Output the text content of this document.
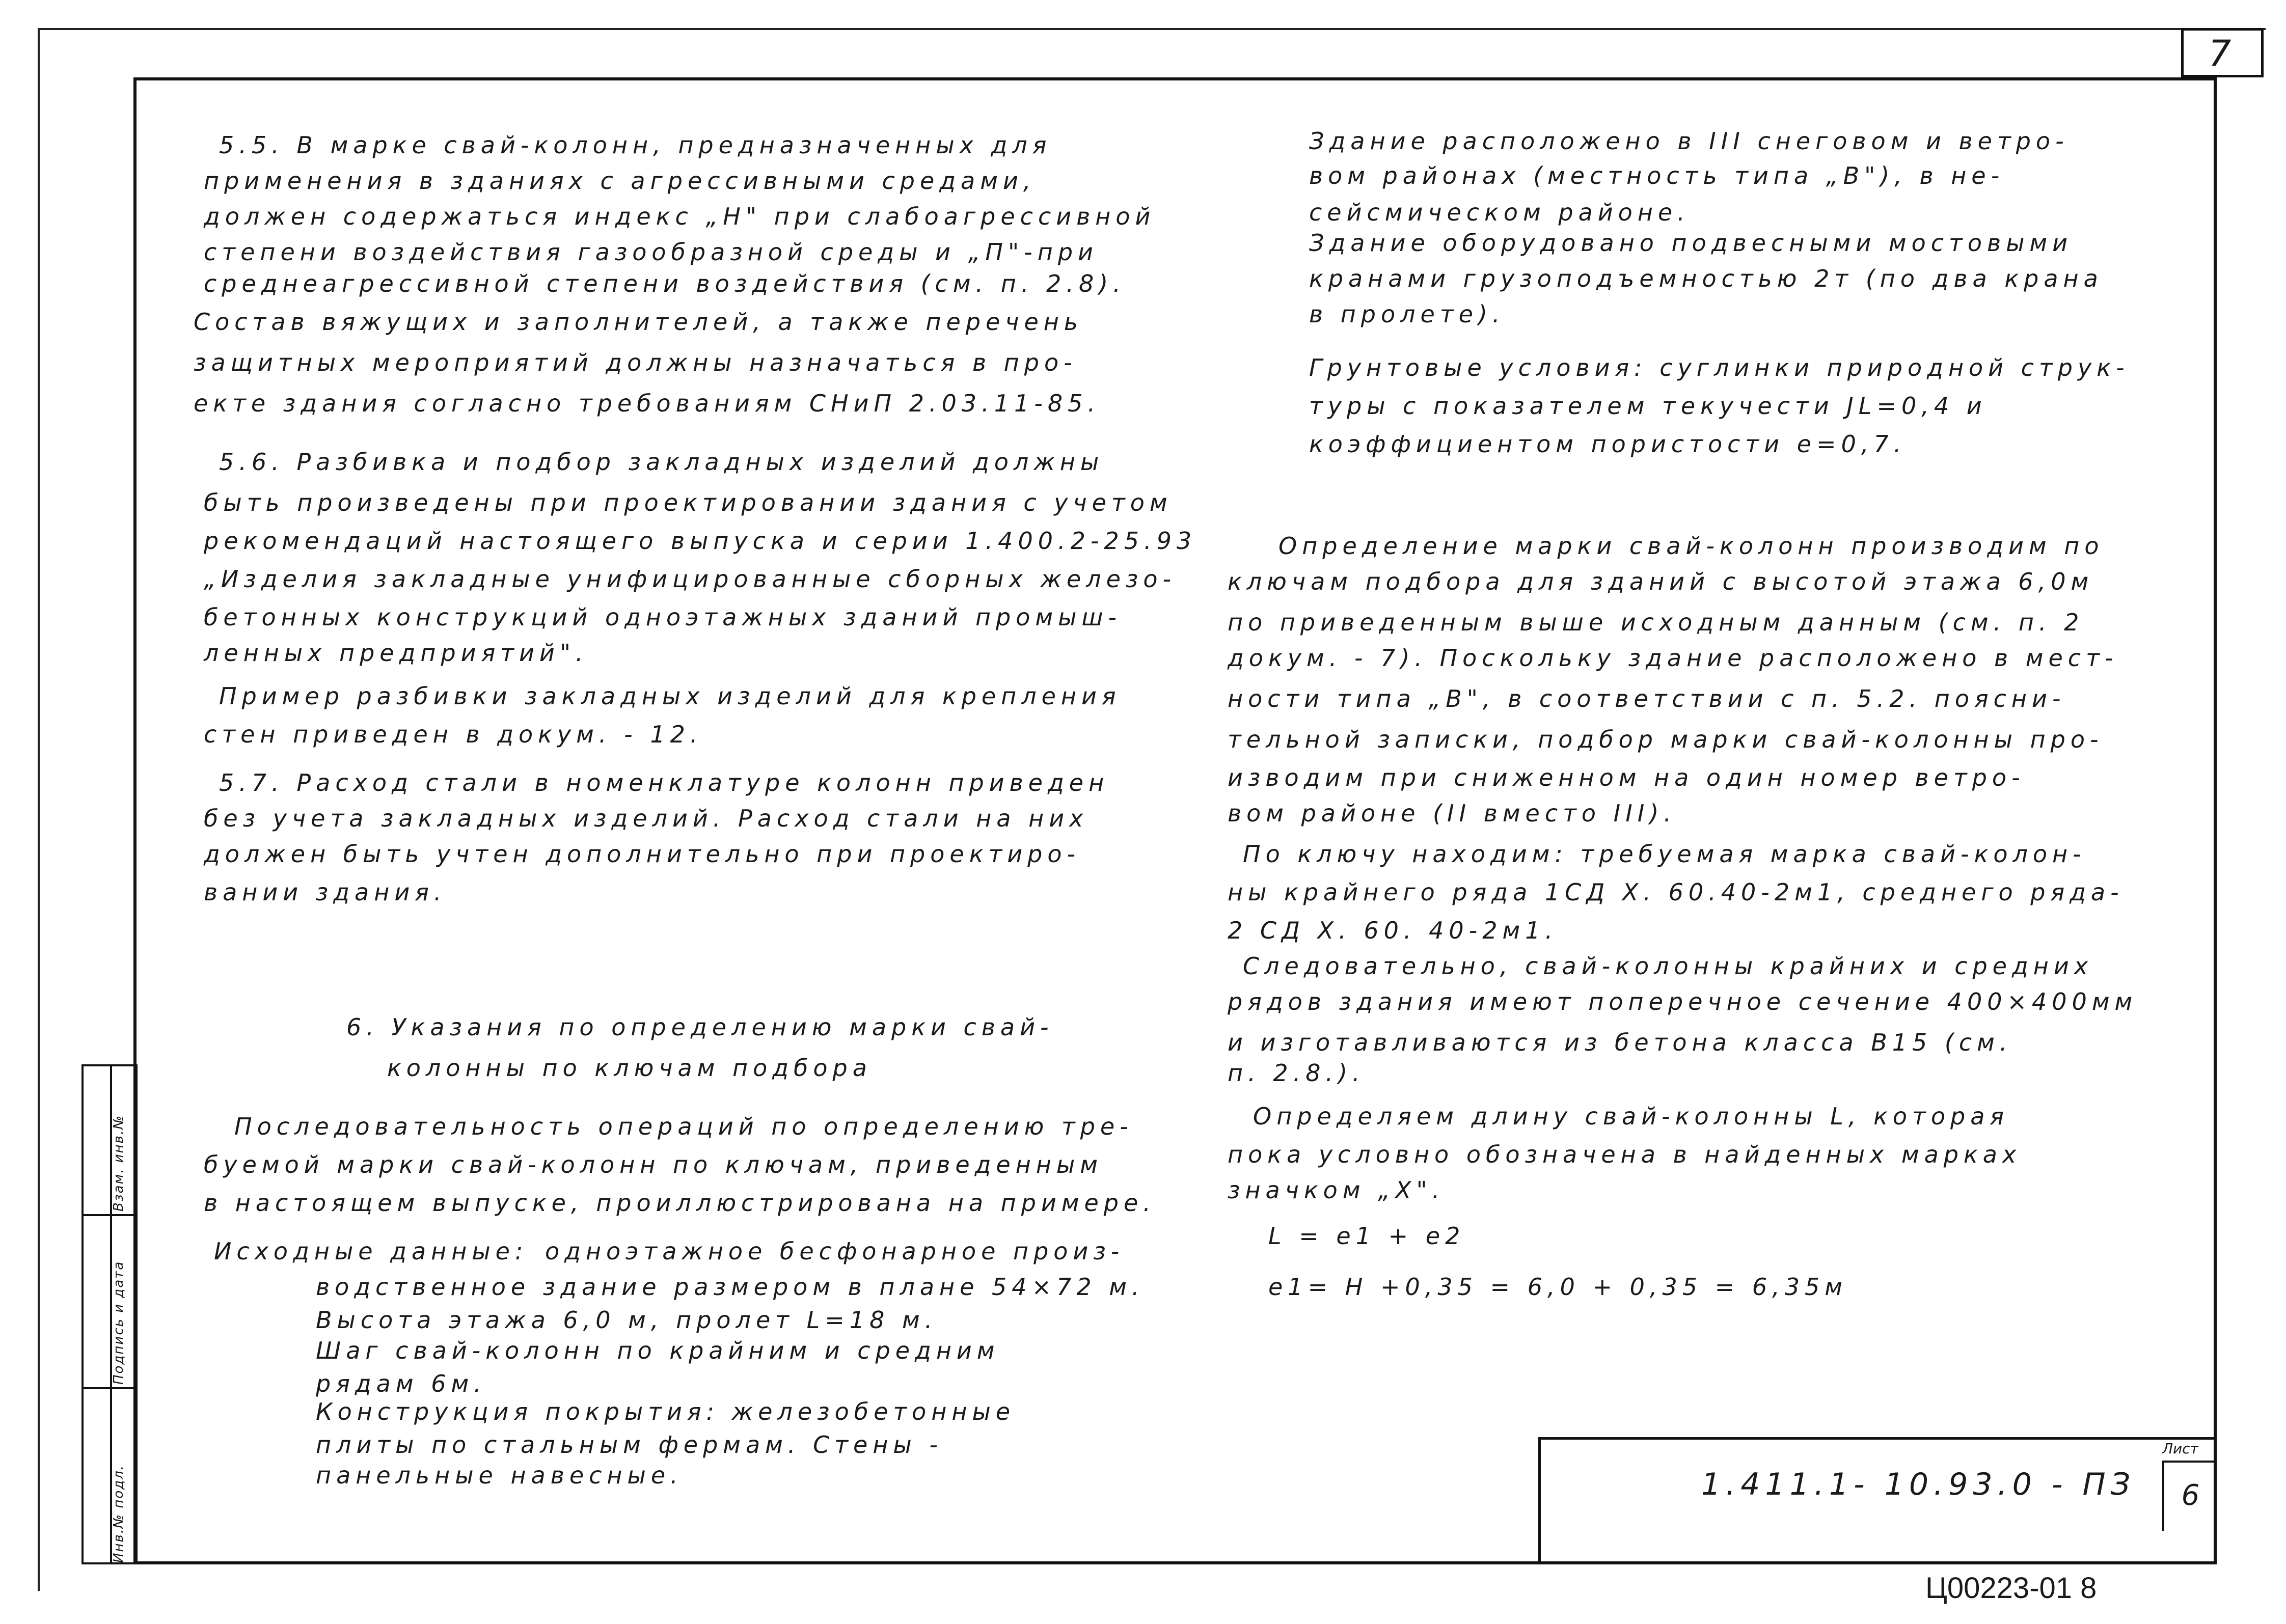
7
5.5. В марке свай-колонн, предназначенных для
применения в зданиях с агрессивными средами,
должен содержаться индекс „Н" при слабоагрессивной
степени воздействия газообразной среды и „П"-при
среднеагрессивной степени воздействия (см. п. 2.8).
Состав вяжущих и заполнителей, а также перечень
защитных мероприятий должны назначаться в про-
екте здания согласно требованиям СНиП 2.03.11-85.
5.6. Разбивка и подбор закладных изделий должны
быть произведены при проектировании здания с учетом
рекомендаций настоящего выпуска и серии 1.400.2-25.93
„Изделия закладные унифицированные сборных железо-
бетонных конструкций одноэтажных зданий промыш-
ленных предприятий".
Пример разбивки закладных изделий для крепления
стен приведен в докум. - 12.
5.7. Расход стали в номенклатуре колонн приведен
без учета закладных изделий. Расход стали на них
должен быть учтен дополнительно при проектиро-
вании здания.
6. Указания по определению марки свай-
колонны по ключам подбора
Последовательность операций по определению тре-
буемой марки свай-колонн по ключам, приведенным
в настоящем выпуске, проиллюстрирована на примере.
Исходные данные: одноэтажное бесфонарное произ-
водственное здание размером в плане 54×72 м.
Высота этажа 6,0 м, пролет L=18 м.
Шаг свай-колонн по крайним и средним
рядам 6м.
Конструкция покрытия: железобетонные
плиты по стальным фермам. Стены -
панельные навесные.
Здание расположено в III снеговом и ветро-
вом районах (местность типа „В"), в не-
сейсмическом районе.
Здание оборудовано подвесными мостовыми
кранами грузоподъемностью 2т (по два крана
в пролете).
Грунтовые условия: суглинки природной струк-
туры с показателем текучести JL=0,4 и
коэффициентом пористости e=0,7.
Определение марки свай-колонн производим по
ключам подбора для зданий с высотой этажа 6,0м
по приведенным выше исходным данным (см. п. 2
докум. - 7). Поскольку здание расположено в мест-
ности типа „В", в соответствии с п. 5.2. поясни-
тельной записки, подбор марки свай-колонны про-
изводим при сниженном на один номер ветро-
вом районе (II вместо III).
По ключу находим: требуемая марка свай-колон-
ны крайнего ряда 1СД Х. 60.40-2м1, среднего ряда-
2 СД Х. 60. 40-2м1.
Следовательно, свай-колонны крайних и средних
рядов здания имеют поперечное сечение 400×400мм
и изготавливаются из бетона класса В15 (см.
п. 2.8.).
Определяем длину свай-колонны L, которая
пока условно обозначена в найденных марках
значком „Х".
L = e1 + e2
e1= H +0,35 = 6,0 + 0,35 = 6,35м
Инв.№ подл.
Подпись и дата
Взам. инв.№
1.411.1- 10.93.0 - ПЗ
Лист
6
Ц00223-01 8
